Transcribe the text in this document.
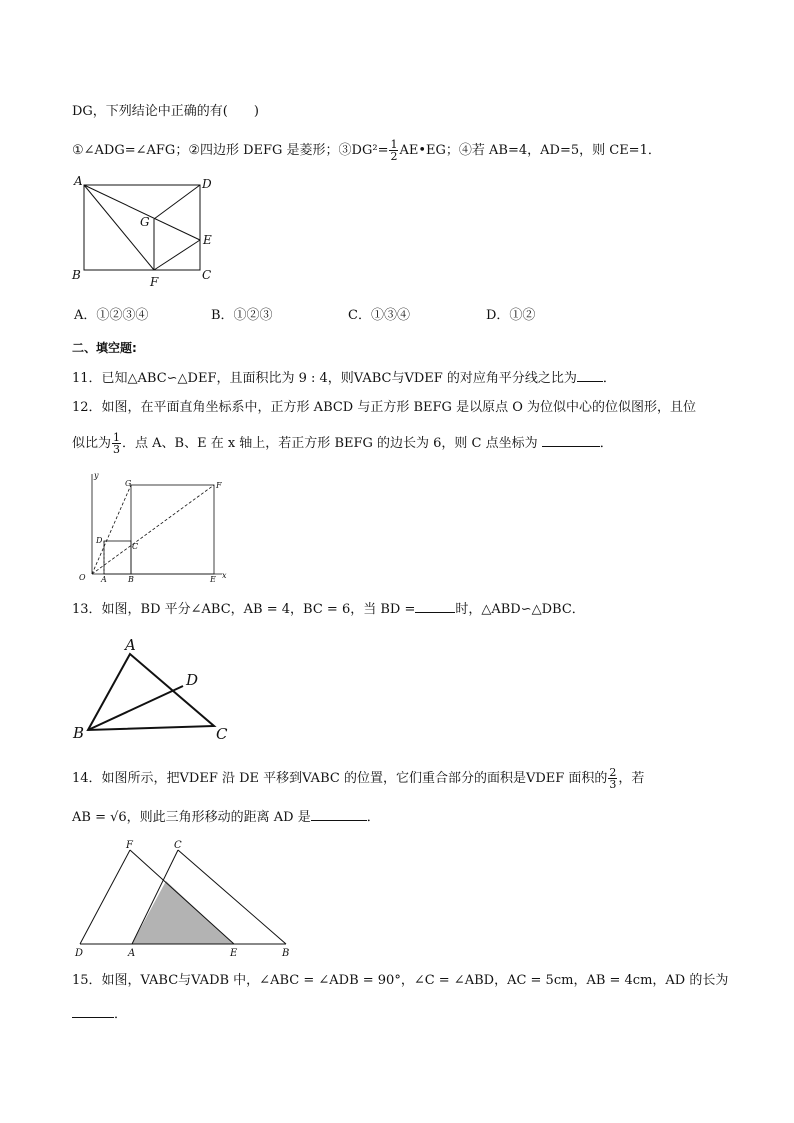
DG，下列结论中正确的有(　　)
①∠ADG=∠AFG；②四边形 DEFG 是菱形；③DG²= $\frac{1}{2}$ AE•EG；④若 AB=4，AD=5，则 CE=1．
A	D
G
E
B	C
F
A．①②③④	B．①②③	C．①③④	D．①②
二、填空题:
11．已知△ABC∽△DEF，且面积比为 9 : 4，则VABC与VDEF 的对应角平分线之比为 ．
12．如图，在平面直角坐标系中，正方形 ABCD 与正方形 BEFG 是以原点 O 为位似中心的位似图形，且位
似比为 $\frac{1}{3}$ ．点 A、B、E 在 x 轴上，若正方形 BEFG 的边长为 6，则 C 点坐标为	．
y
x
O A	B	E
G	F
D
C
13．如图，BD 平分∠ABC，AB = 4，BC = 6，当 BD =	时，△ABD∽△DBC．
A
B	C
D
14．如图所示，把VDEF 沿 DE 平移到VABC 的位置，它们重合部分的面积是VDEF 面积的 $\frac{2}{3}$ ，若
AB = √6，则此三角形移动的距离 AD 是	．
F	C
D	A	E	B
15．如图，VABC与VADB 中，∠ABC = ∠ADB = 90°，∠C = ∠ABD，AC = 5cm，AB = 4cm，AD 的长为
．
